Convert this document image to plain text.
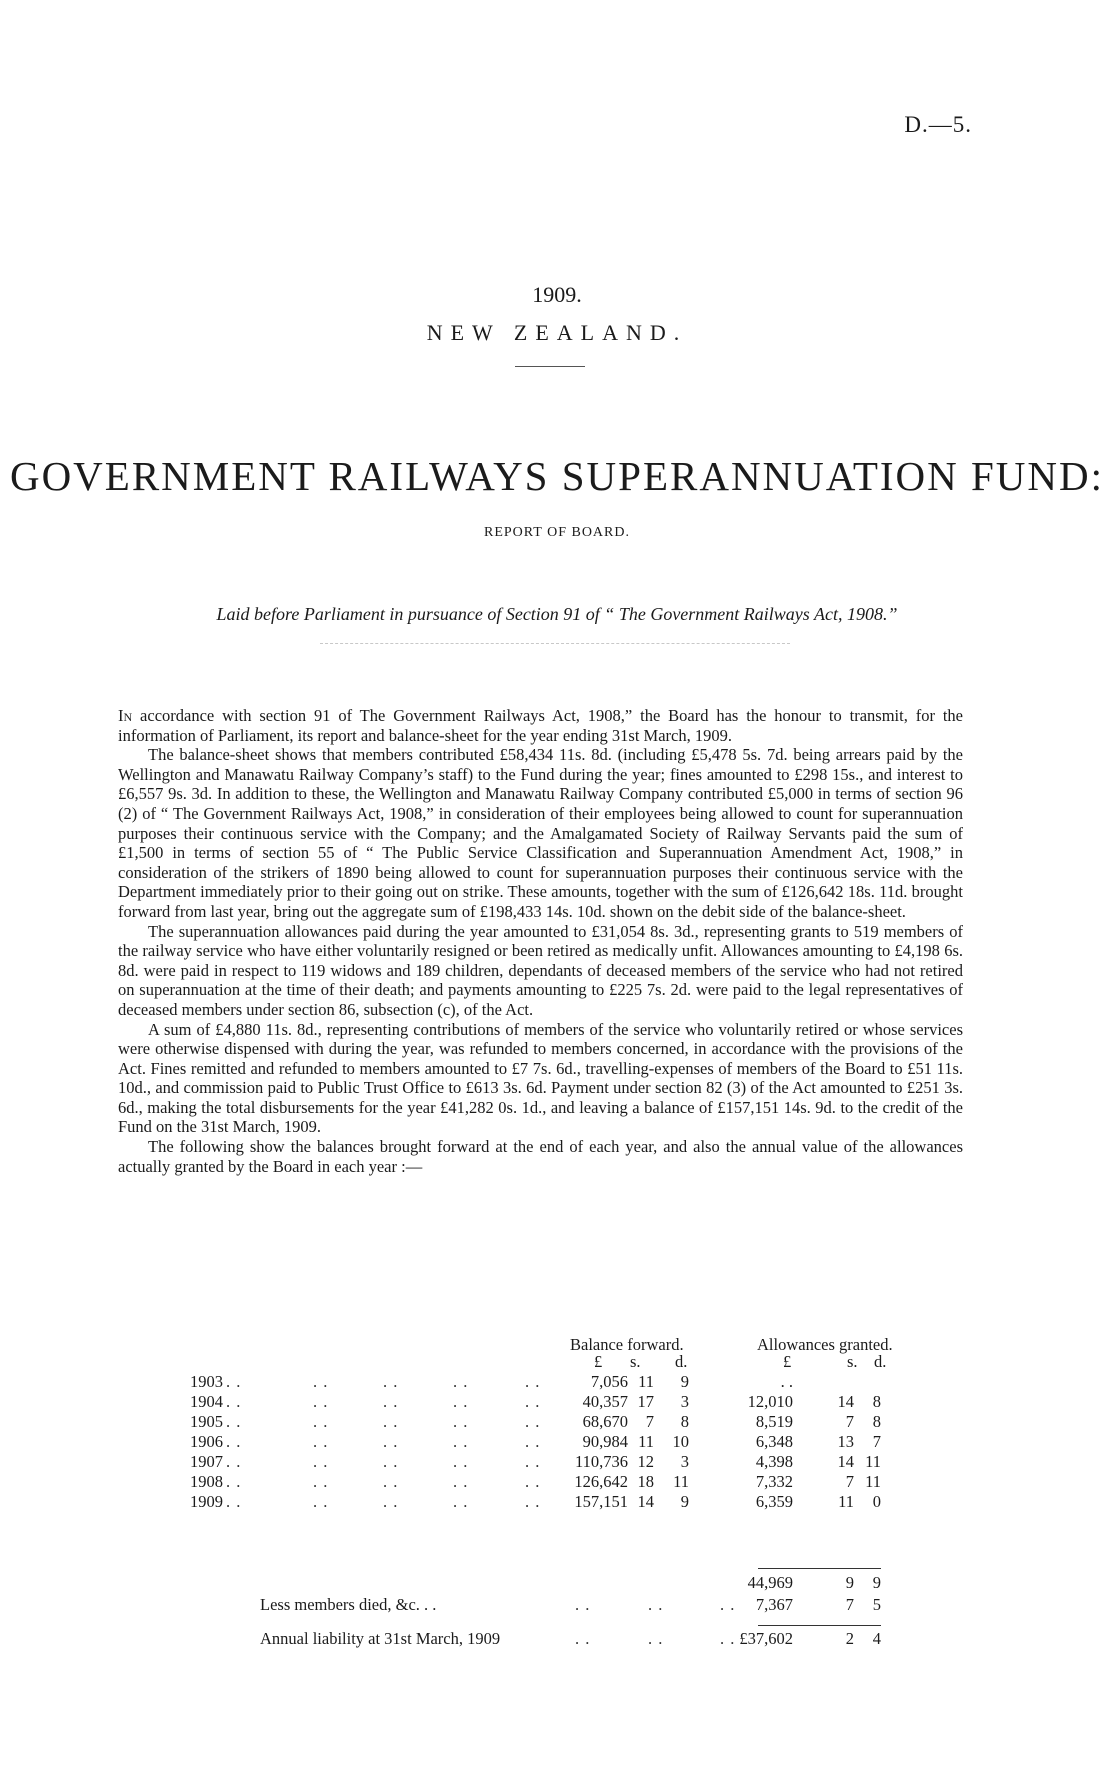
D.—5.
1909.
NEW ZEALAND.
GOVERNMENT RAILWAYS SUPERANNUATION FUND:
REPORT OF BOARD.
Laid before Parliament in pursuance of Section 91 of “ The Government Railways Act, 1908.”

In accordance with section 91 of The Government Railways Act, 1908,” the Board has the honour to transmit, for the information of Parliament, its report and balance-sheet for the year ending 31st March, 1909.

The balance-sheet shows that members contributed £58,434 11s. 8d. (including £5,478 5s. 7d. being arrears paid by the Wellington and Manawatu Railway Company’s staff) to the Fund during the year; fines amounted to £298 15s., and interest to £6,557 9s. 3d. In addition to these, the Wellington and Manawatu Railway Company contributed £5,000 in terms of section 96 (2) of “ The Government Railways Act, 1908,” in consideration of their employees being allowed to count for superannuation purposes their continuous service with the Company; and the Amalgamated Society of Railway Servants paid the sum of £1,500 in terms of section 55 of “ The Public Service Classification and Superannuation Amendment Act, 1908,” in consideration of the strikers of 1890 being allowed to count for superannuation purposes their continuous service with the Department immediately prior to their going out on strike. These amounts, together with the sum of £126,642 18s. 11d. brought forward from last year, bring out the aggregate sum of £198,433 14s. 10d. shown on the debit side of the balance-sheet.

The superannuation allowances paid during the year amounted to £31,054 8s. 3d., representing grants to 519 members of the railway service who have either voluntarily resigned or been retired as medically unfit. Allowances amounting to £4,198 6s. 8d. were paid in respect to 119 widows and 189 children, dependants of deceased members of the service who had not retired on superannuation at the time of their death; and payments amounting to £225 7s. 2d. were paid to the legal representatives of deceased members under section 86, subsection (c), of the Act.

A sum of £4,880 11s. 8d., representing contributions of members of the service who voluntarily retired or whose services were otherwise dispensed with during the year, was refunded to members concerned, in accordance with the provisions of the Act. Fines remitted and refunded to members amounted to £7 7s. 6d., travelling-expenses of members of the Board to £51 11s. 10d., and commission paid to Public Trust Office to £613 3s. 6d. Payment under section 82 (3) of the Act amounted to £251 3s. 6d., making the total disbursements for the year £41,282 0s. 1d., and leaving a balance of £157,151 14s. 9d. to the credit of the Fund on the 31st March, 1909.

The following show the balances brought forward at the end of each year, and also the annual value of the allowances actually granted by the Board in each year :—

Balance forward.	Allowances granted.
£ s. d.	£	s. d.
1903 . .	. .	. .	. .	. .	7,056 11 9	. .
1904 . .	. .	. .	. .	. .	40,357 17 3	12,010	14 8
1905 . .	. .	. .	. .	. .	68,670 7 8	8,519	7 8
1906 . .	. .	. .	. .	. .	90,984 11 10	6,348	13 7
1907 . .	. .	. .	. .	. . 110,736 12 3	4,398	14 11
1908 . .	. .	. .	. .	. . 126,642 18 11	7,332	7 11
1909 . .	. .	. .	. .	. . 157,151 14 9	6,359	11 0
44,969	9 9
Less members died, &c. . .	. .	. .	. . 7,367	7 5
Annual liability at 31st March, 1909	. .	. .	. . £37,602	2 4
